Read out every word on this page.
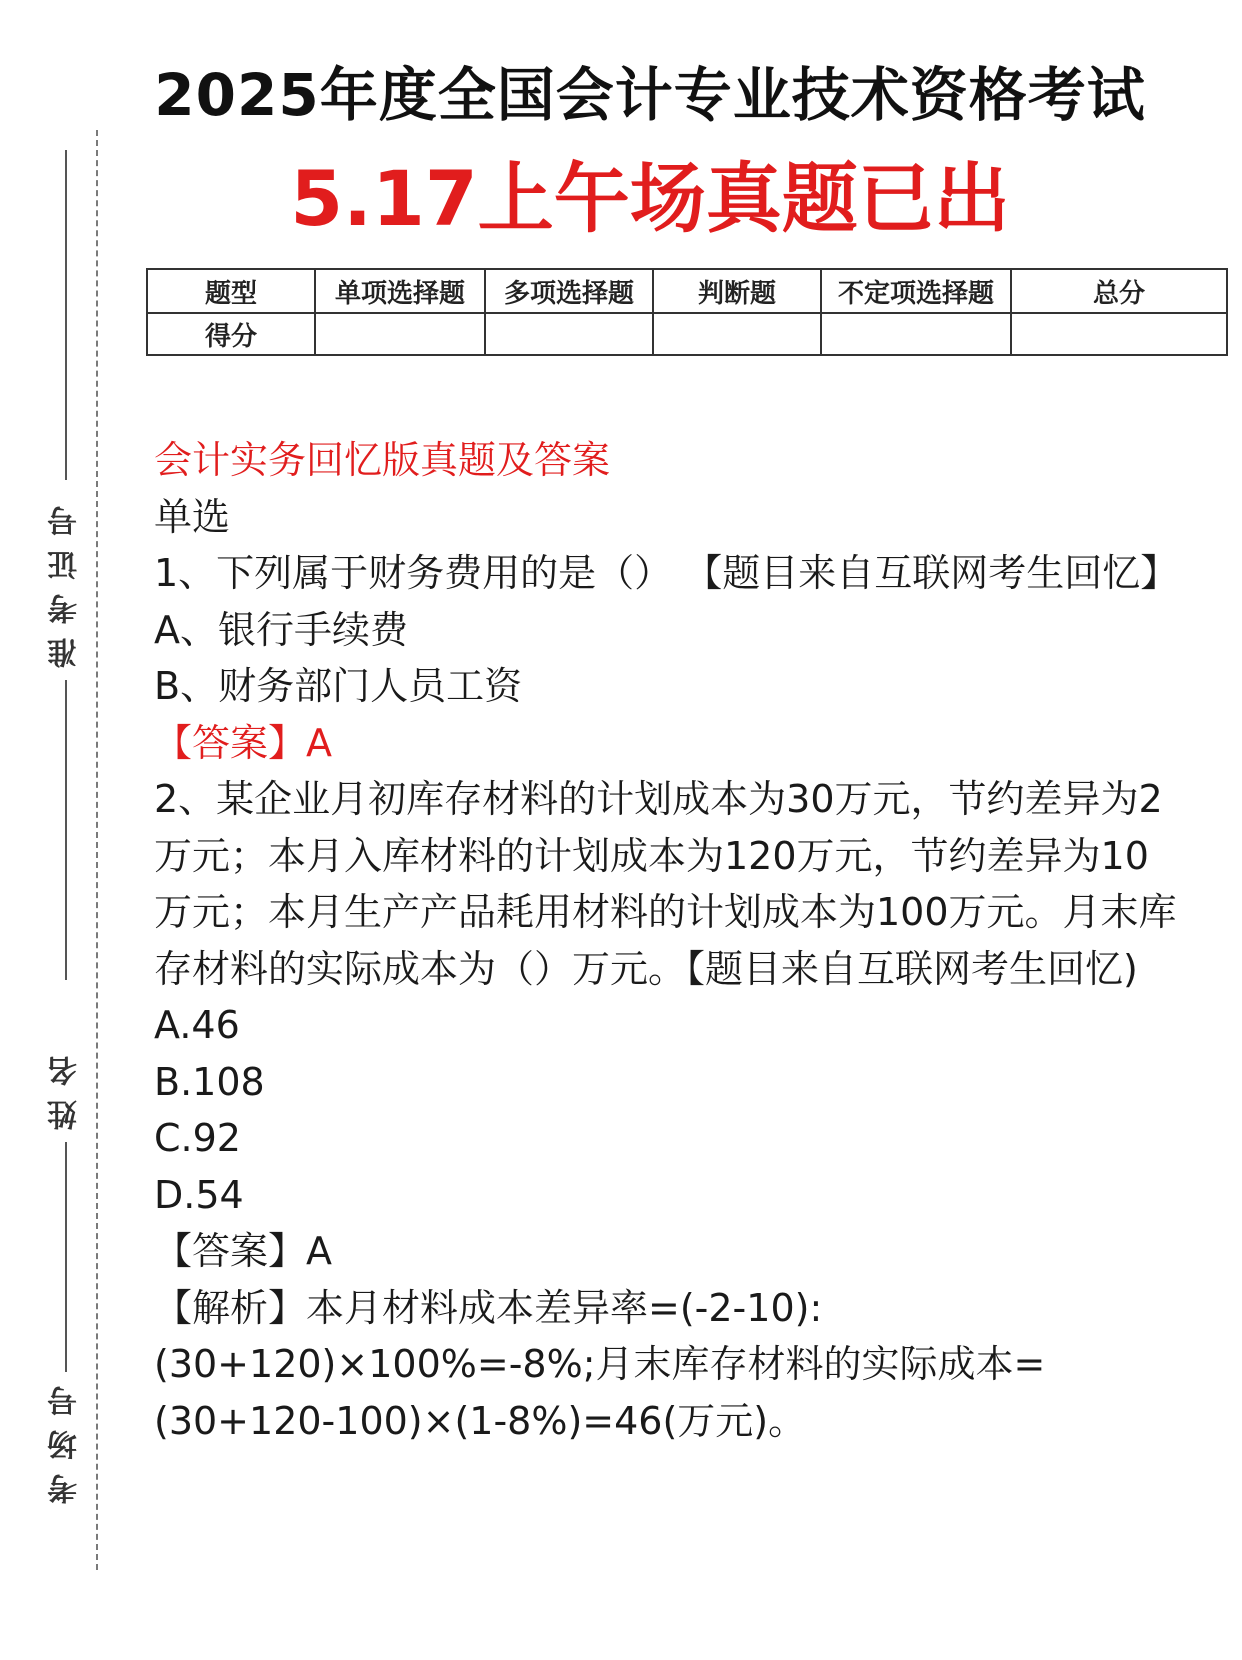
2025年度全国会计专业技术资格考试
5.17上午场真题已出
题型	单项选择题	多项选择题	判断题	不定项选择题	总分
得分					
准考证号
姓名
考场号
会计实务回忆版真题及答案
单选
1、下列属于财务费用的是（） 【题目来自互联网考生回忆】
A、银行手续费
B、财务部门人员工资
【答案】A
2、某企业月初库存材料的计划成本为30万元，节约差异为2万元；本月入库材料的计划成本为120万元，节约差异为10万元；本月生产产品耗用材料的计划成本为100万元。月末库存材料的实际成本为（）万元。【题目来自互联网考生回忆)
A.46
B.108
C.92
D.54
【答案】A
【解析】本月材料成本差异率=(-2-10):
(30+120)×100%=-8%;月末库存材料的实际成本=
(30+120-100)×(1-8%)=46(万元)。
